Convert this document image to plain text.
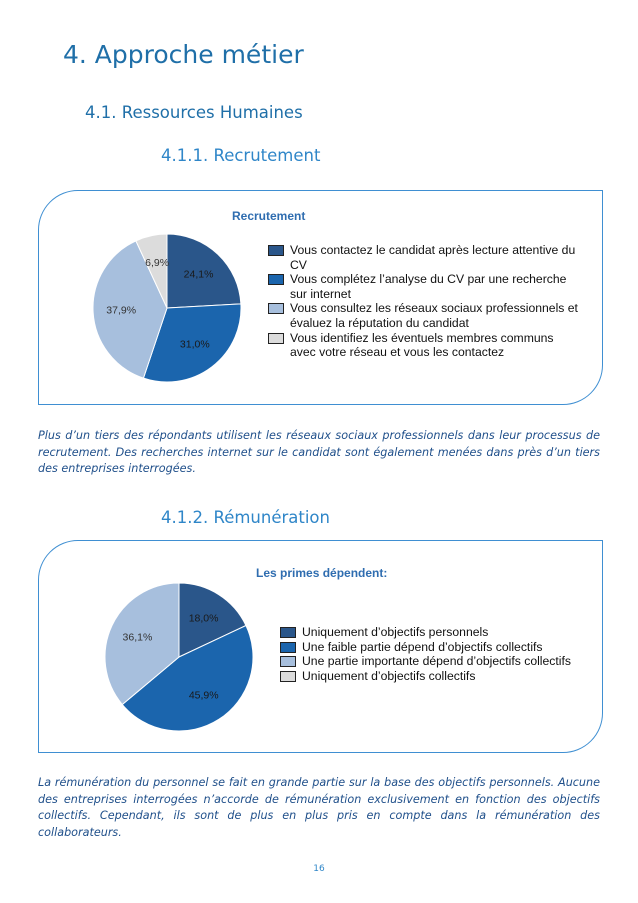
4. Approche métier
4.1. Ressources Humaines
4.1.1. Recrutement
Recrutement
24,1%
31,0%
37,9%
6,9%
Vous contactez le candidat après lecture attentive du CV
Vous complétez l’analyse du CV par une recherche sur internet
Vous consultez les réseaux sociaux professionnels et évaluez la réputation du candidat
Vous identifiez les éventuels membres communs avec votre réseau et vous les contactez
Plus d’un tiers des répondants utilisent les réseaux sociaux professionnels dans leur processus de recrutement. Des recherches internet sur le candidat sont également menées dans près d’un tiers des entreprises interrogées.
4.1.2. Rémunération
Les primes dépendent:
18,0%
45,9%
36,1%	Uniquement d’objectifs personnels
Une faible partie dépend d’objectifs collectifs
Une partie importante dépend d’objectifs collectifs
Uniquement d’objectifs collectifs
La rémunération du personnel se fait en grande partie sur la base des objectifs personnels. Aucune des entreprises interrogées n’accorde de rémunération exclusivement en fonction des objectifs collectifs. Cependant, ils sont de plus en plus pris en compte dans la rémunération des collaborateurs.
16
